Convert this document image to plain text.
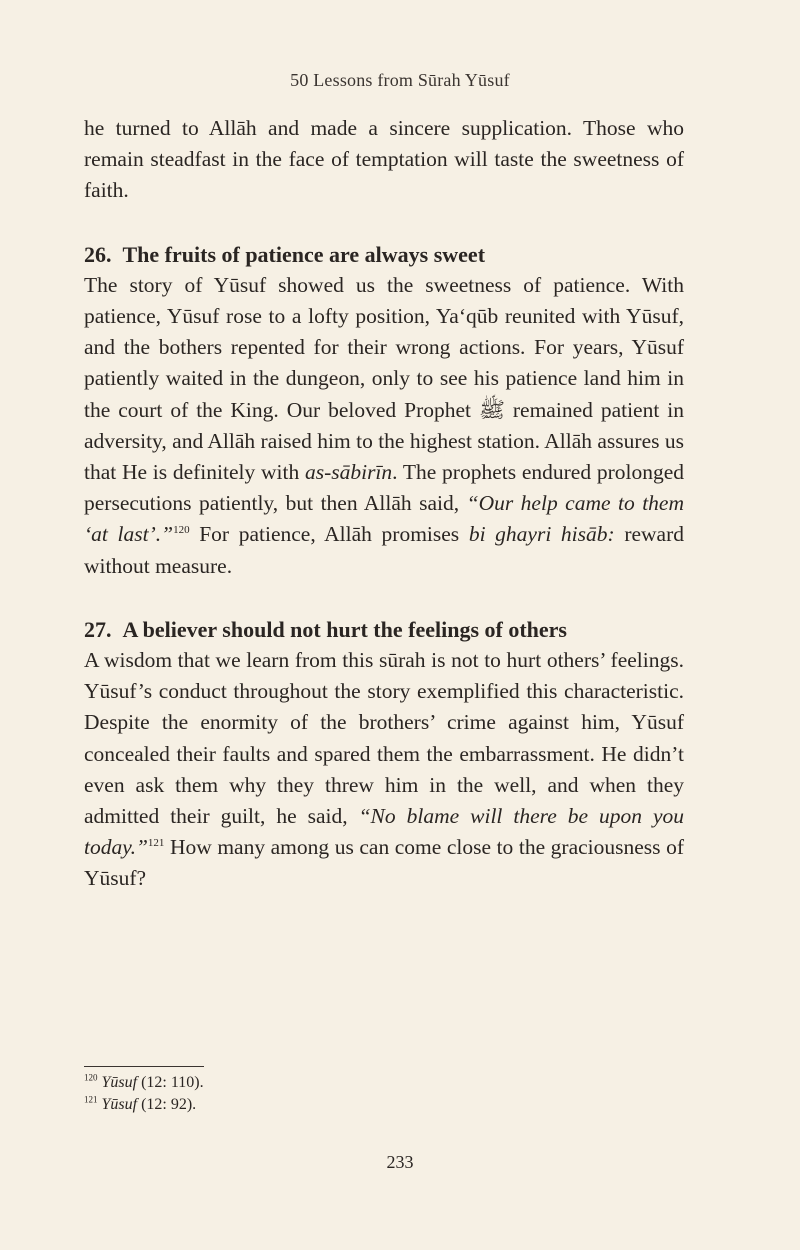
50 Lessons from Sūrah Yūsuf

he turned to Allāh and made a sincere supplication. Those who remain steadfast in the face of temptation will taste the sweetness of faith.

26.  The fruits of patience are always sweet

The story of Yūsuf showed us the sweetness of patience. With patience, Yūsuf rose to a lofty position, Ya‘qūb reunited with Yūsuf, and the bothers repented for their wrong actions. For years, Yūsuf patiently waited in the dungeon, only to see his patience land him in the court of the King. Our beloved Prophet ﷺ remained patient in adversity, and Allāh raised him to the highest station. Allāh assures us that He is definitely with as-sābirīn. The prophets endured prolonged persecutions patiently, but then Allāh said, “Our help came to them ‘at last’.”$^{120}$ For patience, Allāh promises bi ghayri hisāb: reward without measure.

27.  A believer should not hurt the feelings of others

A wisdom that we learn from this sūrah is not to hurt others’ feelings. Yūsuf’s conduct throughout the story exemplified this characteristic. Despite the enormity of the brothers’ crime against him, Yūsuf concealed their faults and spared them the embarrassment. He didn’t even ask them why they threw him in the well, and when they admitted their guilt, he said, “No blame will there be upon you today.”$^{121}$ How many among us can come close to the graciousness of Yūsuf?

$^{120}$ Yūsuf (12: 110).
$^{121}$ Yūsuf (12: 92).
233
